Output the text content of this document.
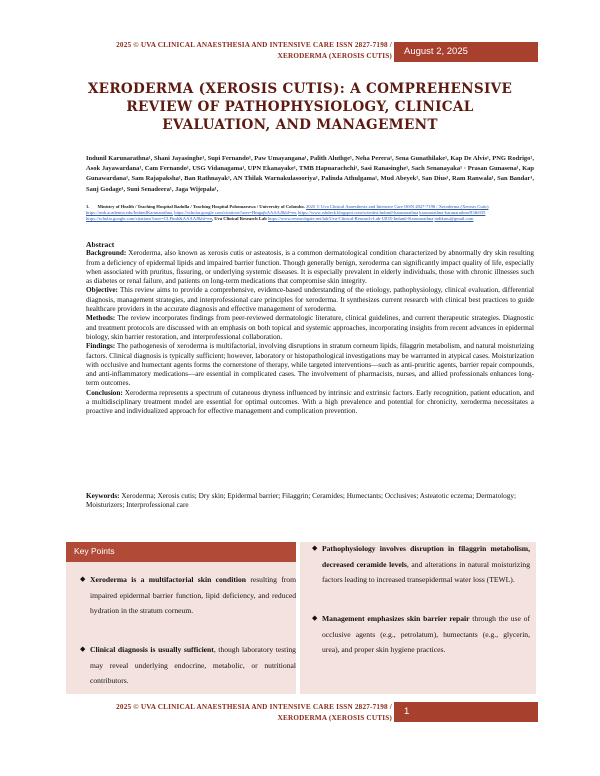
2025 © UVA CLINICAL ANAESTHESIA AND INTENSIVE CARE ISSN 2827-7198 /
XERODERMA (XEROSIS CUTIS)	August 2, 2025
XERODERMA (XEROSIS CUTIS): A COMPREHENSIVE
REVIEW OF PATHOPHYSIOLOGY, CLINICAL
EVALUATION, AND MANAGEMENT
Indunil Karunarathna¹, Shani Jayasinghe¹, Supi Fernando¹, Paw Umayangana¹, Palith Aluthge¹, Neha Perera¹, Sena Gunathilake¹, Kap De Alvis¹, PNG Rodrigo¹, Asok Jayawardana¹, Cam Fernando¹, USG Vidanagama¹, UPN Ekanayake¹, TMB Hapuarachchi¹, Sasi Ranasinghe¹, Sach Senanayaka¹ · Prasan Gunasena¹, Kap Gunawardana¹, Sam Rajapaksha¹, Ban Rathnayak¹, AN Thilak Warnakulasooriya¹, Palinda Athulgama¹, Mud Abeyek¹, San Dius¹, Ram Ranwala¹, San Bandar¹, Sanj Godage¹, Suni Senadeera¹, Jaga Wijepala¹,
1. Ministry of Health / Teaching Hospital Badulla / Teaching Hospital Polonnaruwa / University of Colombo. 2025 © Uva Clinical Anaesthesia and Intensive Care ISSN 2827-7198 / Xeroderma (Xerosis Cutis) https://rmb.academia.edu/IndunilKarunarathna, https://scholar.google.com/citations?user=HmgajbAAAAJ&hl=en, https://www.rsbdeck.blogspot.com/scientist/indunil-karunarathna karunarathna-karunarathna/83fb935 https://scholar.google.com/citations?user=CLPtmk&AAAAJ&hl=en, Uva Clinical Research Lab https://www.researchgate.net/lab/Uva-Clinical-Research-Lab-U835-Indunil-Karunarathna indikaru@gmail.com

Abstract

Background: Xeroderma, also known as xerosis cutis or asteatosis, is a common dermatological condition characterized by abnormally dry skin resulting from a deficiency of epidermal lipids and impaired barrier function. Though generally benign, xeroderma can significantly impact quality of life, especially when associated with pruritus, fissuring, or underlying systemic diseases. It is especially prevalent in elderly individuals, those with chronic illnesses such as diabetes or renal failure, and patients on long-term medications that compromise skin integrity.

Objective: This review aims to provide a comprehensive, evidence-based understanding of the etiology, pathophysiology, clinical evaluation, differential diagnosis, management strategies, and interprofessional care principles for xeroderma. It synthesizes current research with clinical best practices to guide healthcare providers in the accurate diagnosis and effective management of xeroderma.

Methods: The review incorporates findings from peer-reviewed dermatologic literature, clinical guidelines, and current therapeutic strategies. Diagnostic and treatment protocols are discussed with an emphasis on both topical and systemic approaches, incorporating insights from recent advances in epidermal biology, skin barrier restoration, and interprofessional collaboration.

Findings: The pathogenesis of xeroderma is multifactorial, involving disruptions in stratum corneum lipids, filaggrin metabolism, and natural moisturizing factors. Clinical diagnosis is typically sufficient; however, laboratory or histopathological investigations may be warranted in atypical cases. Moisturization with occlusive and humectant agents forms the cornerstone of therapy, while targeted interventions—such as anti-pruritic agents, barrier repair compounds, and anti-inflammatory medications—are essential in complicated cases. The involvement of pharmacists, nurses, and allied professionals enhances long-term outcomes.

Conclusion: Xeroderma represents a spectrum of cutaneous dryness influenced by intrinsic and extrinsic factors. Early recognition, patient education, and a multidisciplinary treatment model are essential for optimal outcomes. With a high prevalence and potential for chronicity, xeroderma necessitates a proactive and individualized approach for effective management and complication prevention.

Keywords: Xeroderma; Xerosis cutis; Dry skin; Epidermal barrier; Filaggrin; Ceramides; Humectants; Occlusives; Asteatotic eczema; Dermatology; Moisturizers; Interprofessional care
Key Points
◆ Xeroderma is a multifactorial skin condition resulting from impaired epidermal barrier function, lipid deficiency, and reduced hydration in the stratum corneum.
◆ Clinical diagnosis is usually sufficient, though laboratory testing may reveal underlying endocrine, metabolic, or nutritional contributors.
◆ Pathophysiology involves disruption in filaggrin metabolism, decreased ceramide levels, and alterations in natural moisturizing factors leading to increased transepidermal water loss (TEWL).
◆ Management emphasizes skin barrier repair through the use of occlusive agents (e.g., petrolatum), humectants (e.g., glycerin, urea), and proper skin hygiene practices.
2025 © UVA CLINICAL ANAESTHESIA AND INTENSIVE CARE ISSN 2827-7198 /
XERODERMA (XEROSIS CUTIS)
1
